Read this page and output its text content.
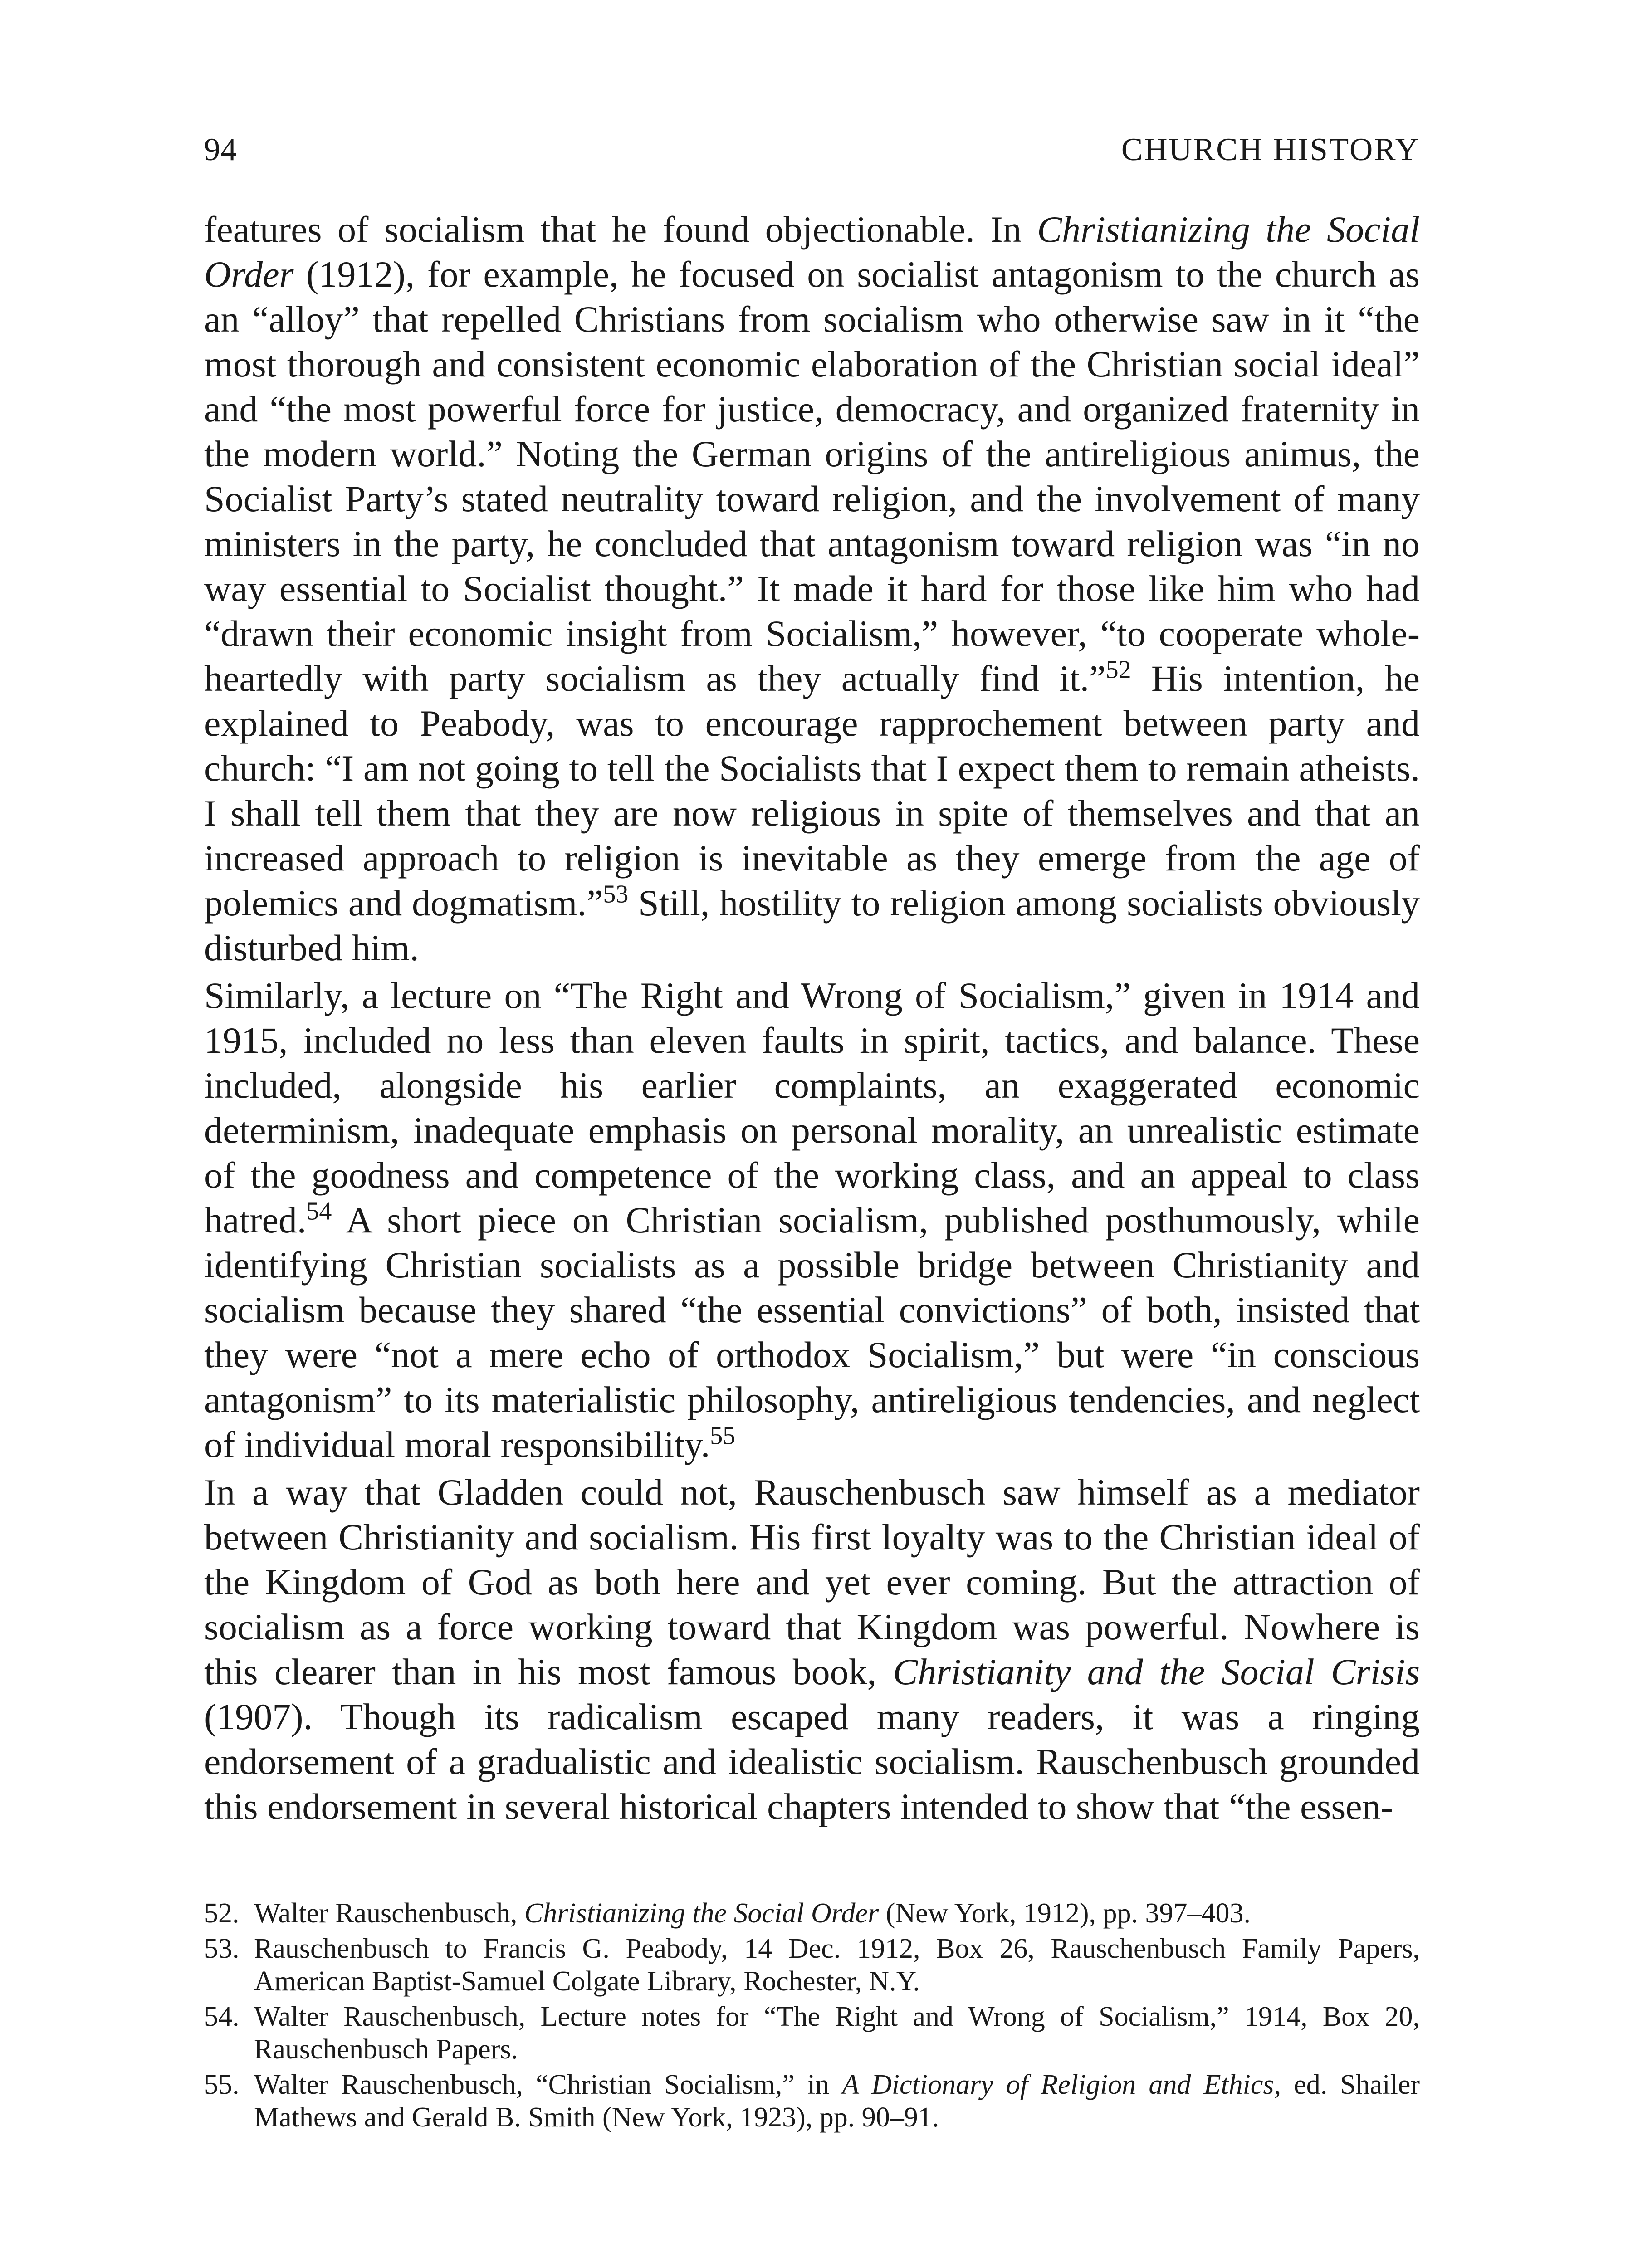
94	CHURCH HISTORY

features of socialism that he found objectionable. In Christianizing the Social Order (1912), for example, he focused on socialist antagonism to the church as an “alloy” that repelled Christians from socialism who otherwise saw in it “the most thorough and consistent economic elaboration of the Christian social ideal” and “the most powerful force for justice, democracy, and organized fraternity in the modern world.” Noting the German origins of the antireligious animus, the Socialist Party’s stated neutrality toward religion, and the involvement of many ministers in the party, he concluded that antagonism toward religion was “in no way essential to Socialist thought.” It made it hard for those like him who had “drawn their economic insight from Socialism,” however, “to cooperate whole-heartedly with party socialism as they actually find it.”$^{52}$ His intention, he explained to Peabody, was to encourage rapprochement between party and church: “I am not going to tell the Socialists that I expect them to remain atheists. I shall tell them that they are now religious in spite of themselves and that an increased approach to religion is inevitable as they emerge from the age of polemics and dogmatism.”$^{53}$ Still, hostility to religion among socialists obviously disturbed him.

Similarly, a lecture on “The Right and Wrong of Socialism,” given in 1914 and 1915, included no less than eleven faults in spirit, tactics, and balance. These included, alongside his earlier complaints, an exaggerated economic determinism, inadequate emphasis on personal morality, an unrealistic estimate of the goodness and competence of the working class, and an appeal to class hatred.$^{54}$ A short piece on Christian socialism, published posthumously, while identifying Christian socialists as a possible bridge between Christianity and socialism because they shared “the essential convictions” of both, insisted that they were “not a mere echo of orthodox Socialism,” but were “in conscious antagonism” to its materialistic philosophy, antireligious tendencies, and neglect of individual moral responsibility.$^{55}$

In a way that Gladden could not, Rauschenbusch saw himself as a mediator between Christianity and socialism. His first loyalty was to the Christian ideal of the Kingdom of God as both here and yet ever coming. But the attraction of socialism as a force working toward that Kingdom was powerful. Nowhere is this clearer than in his most famous book, Christianity and the Social Crisis (1907). Though its radicalism escaped many readers, it was a ringing endorsement of a gradualistic and idealistic socialism. Rauschenbusch grounded this endorsement in several historical chapters intended to show that “the essen-

52. Walter Rauschenbusch, Christianizing the Social Order (New York, 1912), pp. 397–403.
53. Rauschenbusch to Francis G. Peabody, 14 Dec. 1912, Box 26, Rauschenbusch Family Papers, American Baptist-Samuel Colgate Library, Rochester, N.Y.
54. Walter Rauschenbusch, Lecture notes for “The Right and Wrong of Socialism,” 1914, Box 20, Rauschenbusch Papers.
55. Walter Rauschenbusch, “Christian Socialism,” in A Dictionary of Religion and Ethics, ed. Shailer Mathews and Gerald B. Smith (New York, 1923), pp. 90–91.
